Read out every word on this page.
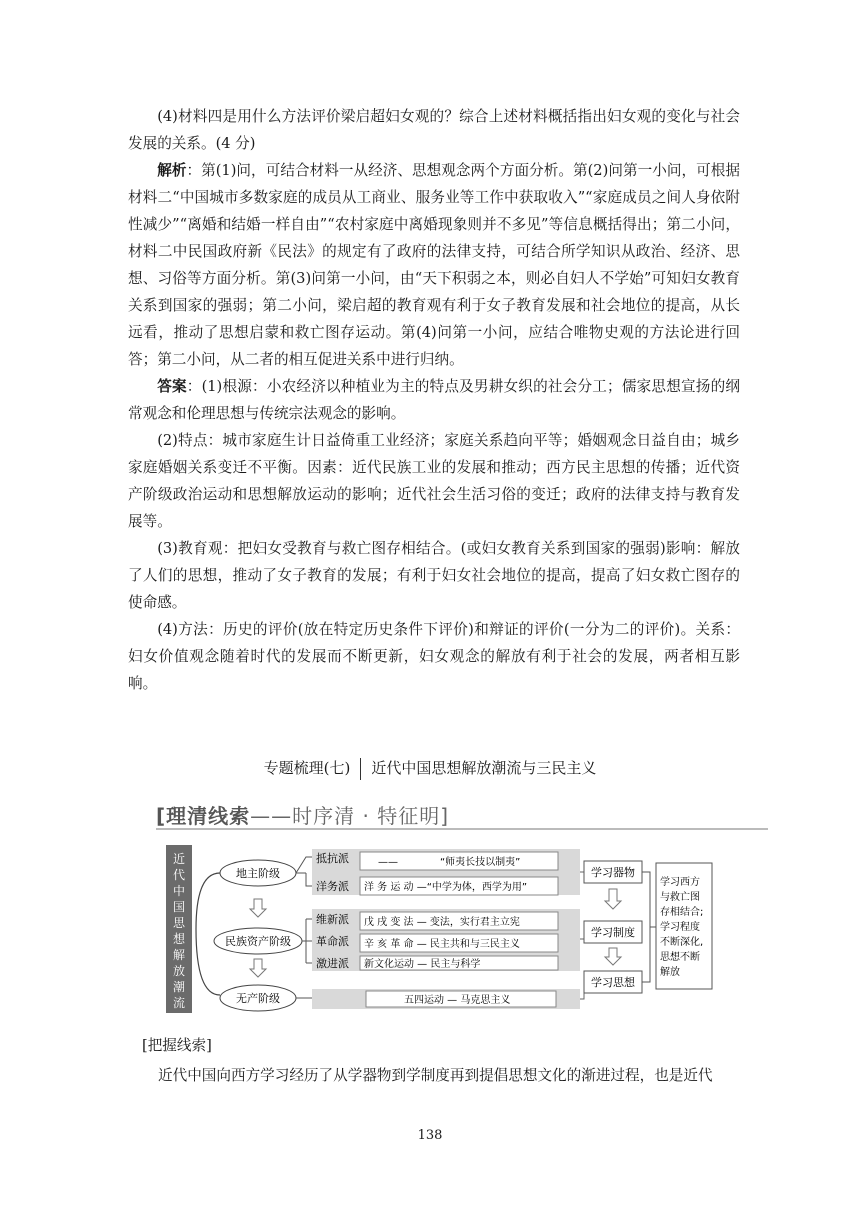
(4)材料四是用什么方法评价梁启超妇女观的？综合上述材料概括指出妇女观的变化与社会发展的关系。(4 分)

解析：第(1)问，可结合材料一从经济、思想观念两个方面分析。第(2)问第一小问，可根据材料二“中国城市多数家庭的成员从工商业、服务业等工作中获取收入”“家庭成员之间人身依附性减少”“离婚和结婚一样自由”“农村家庭中离婚现象则并不多见”等信息概括得出；第二小问，材料二中民国政府新《民法》的规定有了政府的法律支持，可结合所学知识从政治、经济、思想、习俗等方面分析。第(3)问第一小问，由“天下积弱之本，则必自妇人不学始”可知妇女教育关系到国家的强弱；第二小问，梁启超的教育观有利于女子教育发展和社会地位的提高，从长远看，推动了思想启蒙和救亡图存运动。第(4)问第一小问，应结合唯物史观的方法论进行回答；第二小问，从二者的相互促进关系中进行归纳。

答案：(1)根源：小农经济以种植业为主的特点及男耕女织的社会分工；儒家思想宣扬的纲常观念和伦理思想与传统宗法观念的影响。

(2)特点：城市家庭生计日益倚重工业经济；家庭关系趋向平等；婚姻观念日益自由；城乡家庭婚姻关系变迁不平衡。因素：近代民族工业的发展和推动；西方民主思想的传播；近代资产阶级政治运动和思想解放运动的影响；近代社会生活习俗的变迁；政府的法律支持与教育发展等。

(3)教育观：把妇女受教育与救亡图存相结合。(或妇女教育关系到国家的强弱)影响：解放了人们的思想，推动了女子教育的发展；有利于妇女社会地位的提高，提高了妇女救亡图存的使命感。

(4)方法：历史的评价(放在特定历史条件下评价)和辩证的评价(一分为二的评价)。关系：妇女价值观念随着时代的发展而不断更新，妇女观念的解放有利于社会的发展，两者相互影响。

专题梳理(七) 近代中国思想解放潮流与三民主义
[理清线索——时序清 · 特征明]
近
代
中
国
思
想
解
放
潮
流
地主阶级
民族资产阶级
无产阶级
抵抗派
洋务派
维新派
革命派
激进派
——	“师夷长技以制夷”
洋 务 运 动 —“中学为体，西学为用”
戊 戌 变 法 — 变法，实行君主立宪
辛 亥 革 命 — 民主共和与三民主义
新文化运动 — 民主与科学
五四运动 — 马克思主义
学习器物
学习制度
学习思想
学习西方
与救亡图
存相结合;
学习程度
不断深化,
思想不断
解放
[把握线索]
近代中国向西方学习经历了从学器物到学制度再到提倡思想文化的渐进过程，也是近代
138
